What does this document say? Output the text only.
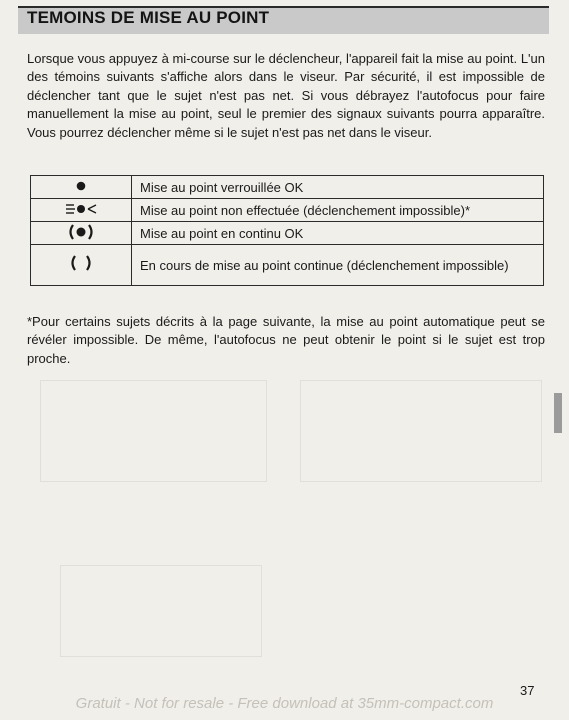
TEMOINS DE MISE AU POINT

Lorsque vous appuyez à mi-course sur le déclencheur, l'appareil fait la mise au point. L'un des témoins suivants s'affiche alors dans le viseur. Par sécurité, il est impossible de déclencher tant que le sujet n'est pas net. Si vous débrayez l'autofocus pour faire manuellement la mise au point, seul le premier des signaux suivants pourra apparaître. Vous pourrez déclencher même si le sujet n'est pas net dans le viseur.

	Mise au point verrouillée OK
	Mise au point non effectuée (déclenchement impossible)*
	Mise au point en continu OK
	En cours de mise au point continue (déclenchement impossible)

*Pour certains sujets décrits à la page suivante, la mise au point automatique peut se révéler impossible. De même, l'autofocus ne peut obtenir le point si le sujet est trop proche.

37

Gratuit - Not for resale - Free download at 35mm-compact.com
